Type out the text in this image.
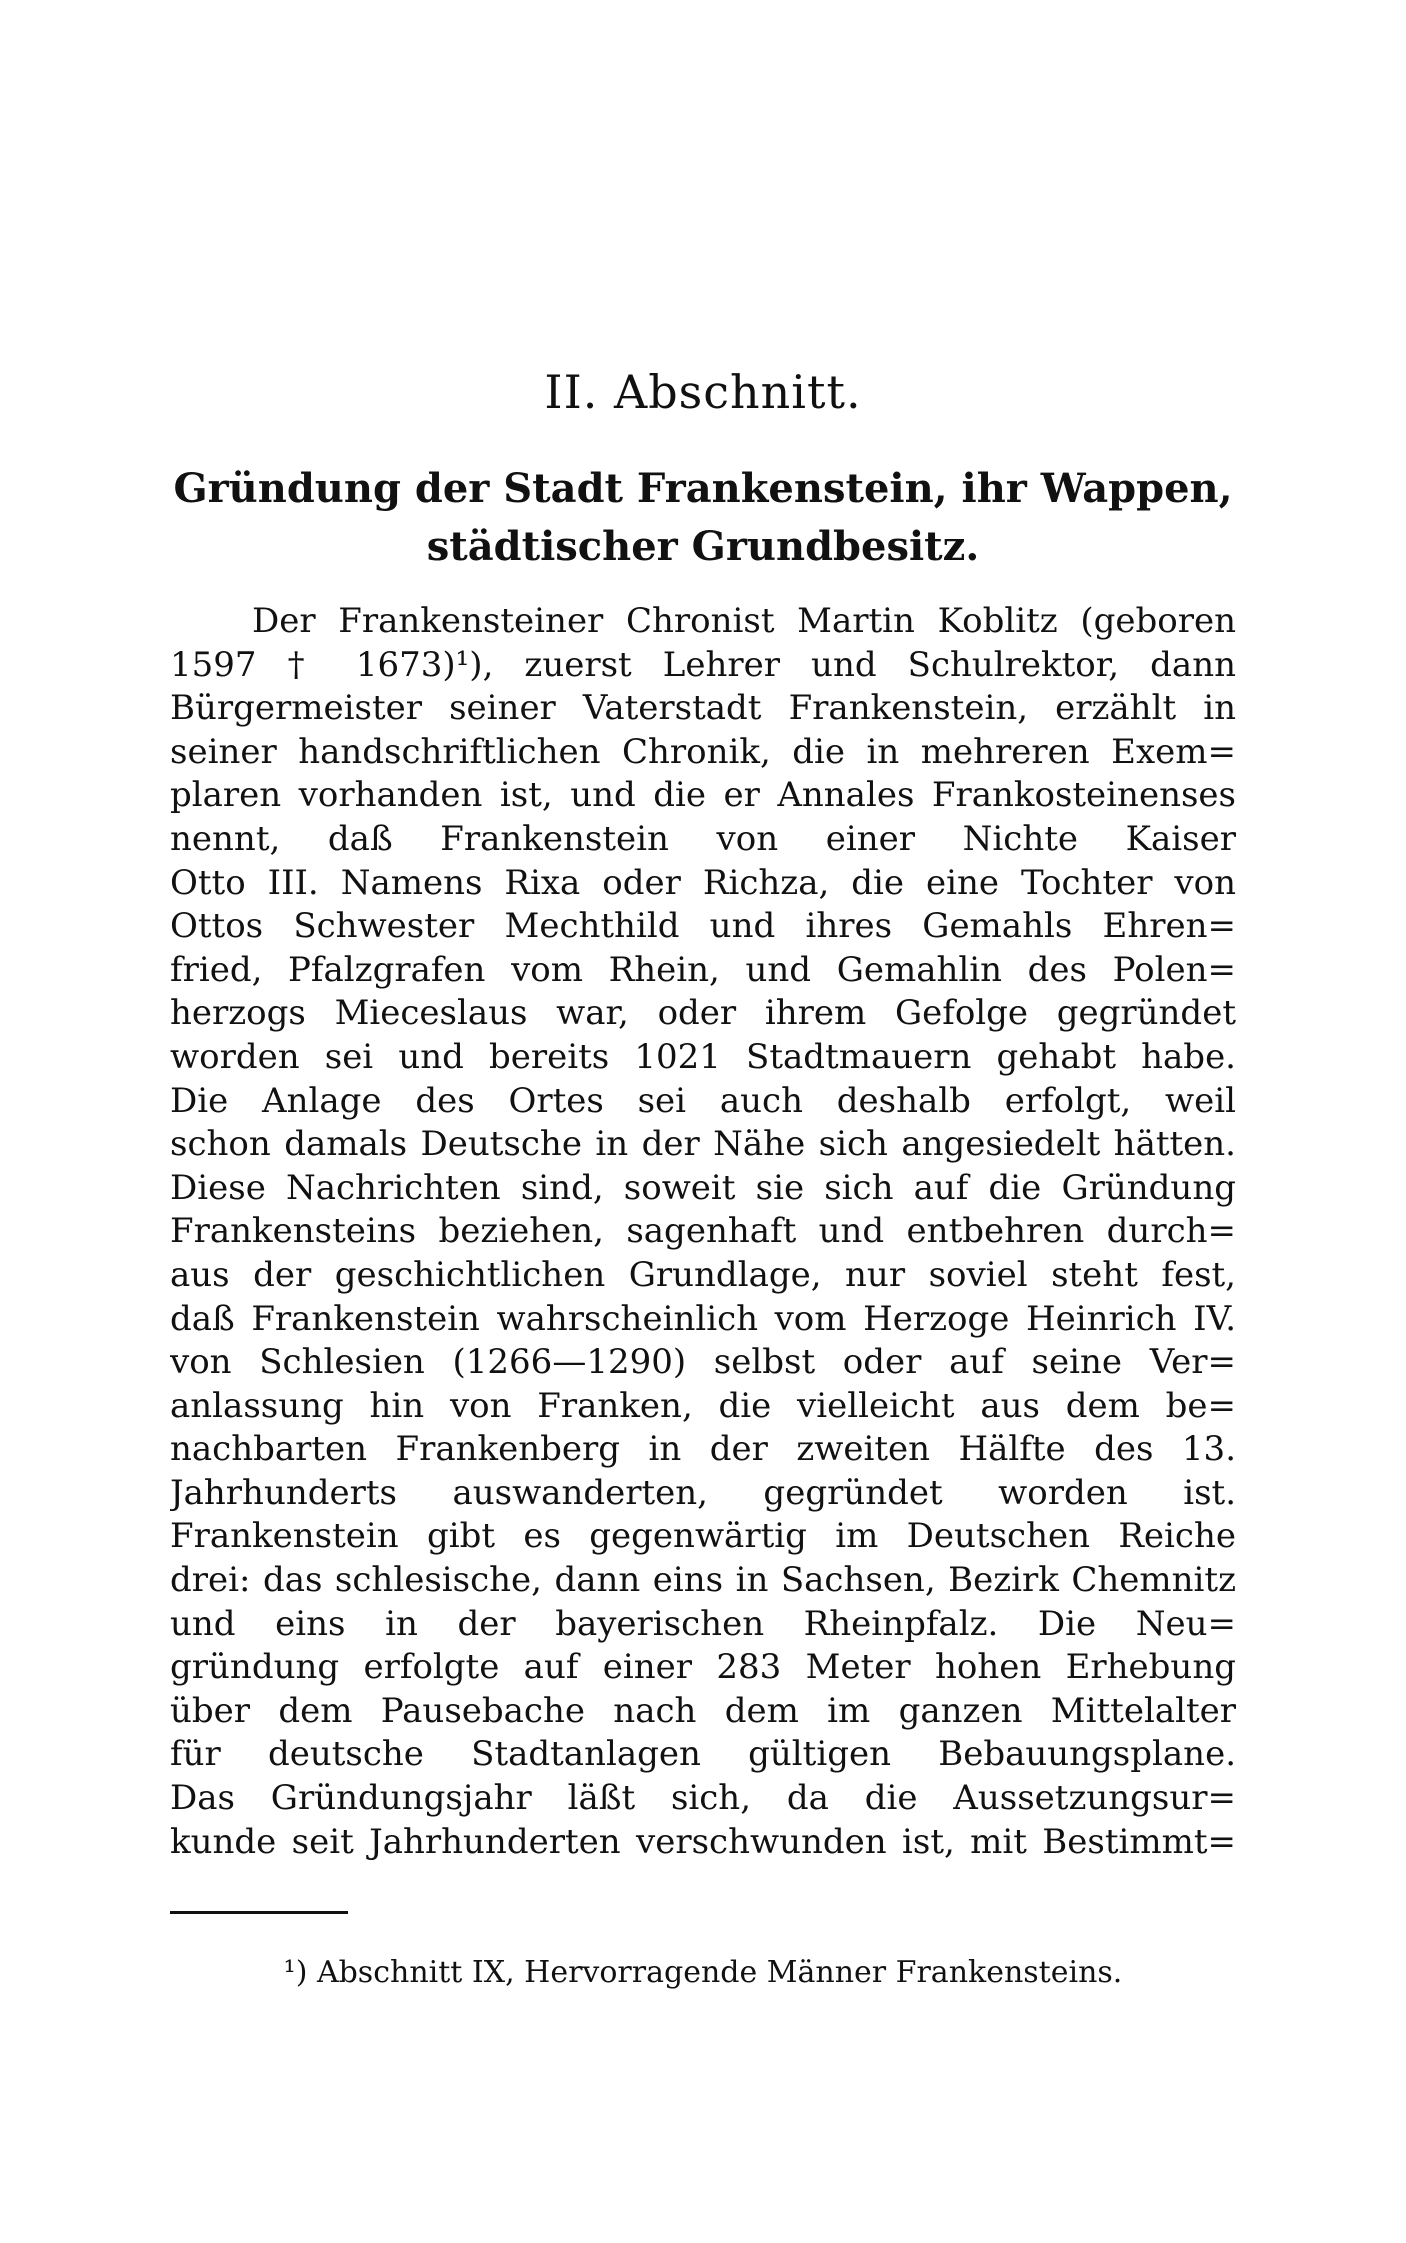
II. Abschnitt.
Gründung der Stadt Frankenstein, ihr Wappen,
städtischer Grundbesitz.
Der Frankensteiner Chronist Martin Koblitz (geboren
1597 † 1673)¹), zuerst Lehrer und Schulrektor, dann
Bürgermeister seiner Vaterstadt Frankenstein, erzählt in
seiner handschriftlichen Chronik, die in mehreren Exem=
plaren vorhanden ist, und die er Annales Frankosteinenses
nennt, daß Frankenstein von einer Nichte Kaiser
Otto III. Namens Rixa oder Richza, die eine Tochter von
Ottos Schwester Mechthild und ihres Gemahls Ehren=
fried, Pfalzgrafen vom Rhein, und Gemahlin des Polen=
herzogs Mieceslaus war, oder ihrem Gefolge gegründet
worden sei und bereits 1021 Stadtmauern gehabt habe.
Die Anlage des Ortes sei auch deshalb erfolgt, weil
schon damals Deutsche in der Nähe sich angesiedelt hätten.
Diese Nachrichten sind, soweit sie sich auf die Gründung
Frankensteins beziehen, sagenhaft und entbehren durch=
aus der geschichtlichen Grundlage, nur soviel steht fest,
daß Frankenstein wahrscheinlich vom Herzoge Heinrich IV.
von Schlesien (1266—1290) selbst oder auf seine Ver=
anlassung hin von Franken, die vielleicht aus dem be=
nachbarten Frankenberg in der zweiten Hälfte des 13.
Jahrhunderts auswanderten, gegründet worden ist.
Frankenstein gibt es gegenwärtig im Deutschen Reiche
drei: das schlesische, dann eins in Sachsen, Bezirk Chemnitz
und eins in der bayerischen Rheinpfalz. Die Neu=
gründung erfolgte auf einer 283 Meter hohen Erhebung
über dem Pausebache nach dem im ganzen Mittelalter
für deutsche Stadtanlagen gültigen Bebauungsplane.
Das Gründungsjahr läßt sich, da die Aussetzungsur=
kunde seit Jahrhunderten verschwunden ist, mit Bestimmt=

¹) Abschnitt IX, Hervorragende Männer Frankensteins.
